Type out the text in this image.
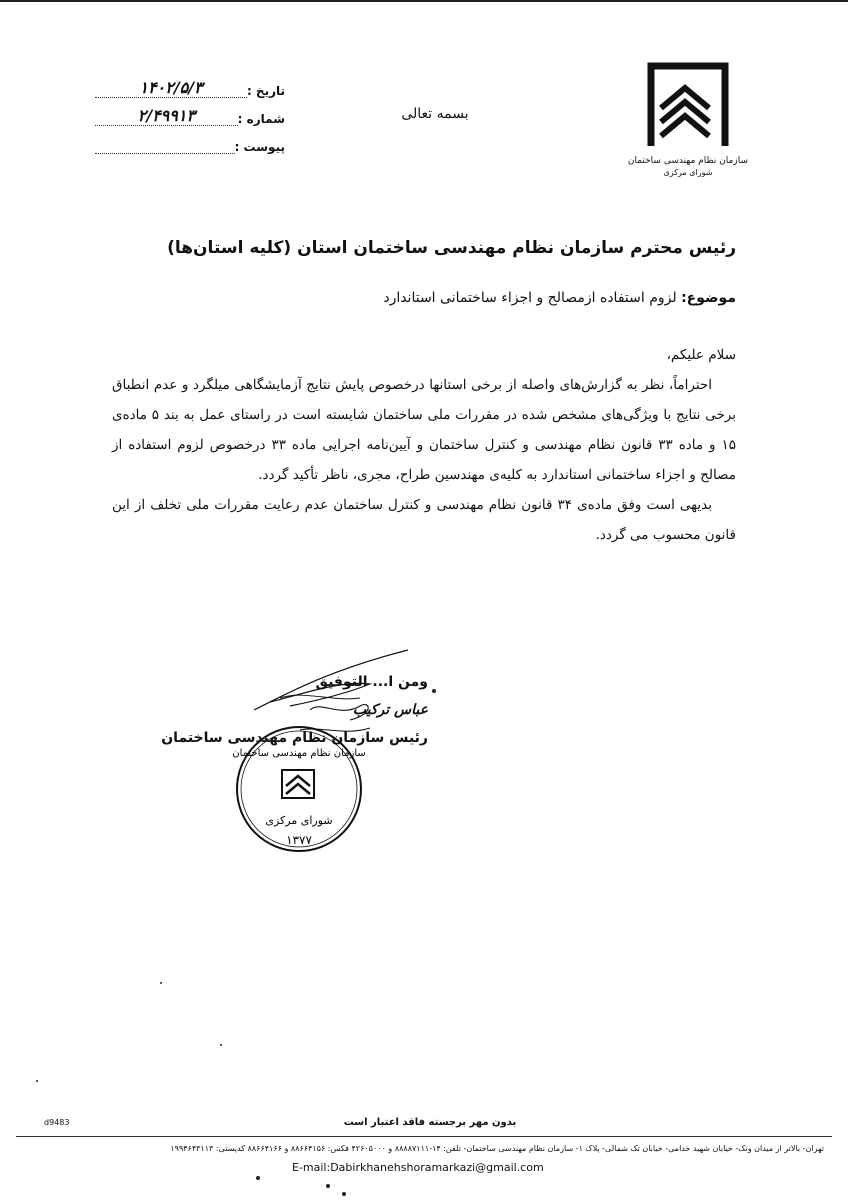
سازمان نظام مهندسی ساختمان
شورای مرکزی
بسمه تعالی
تاریخ :
۱۴۰۲/۵/۳
شماره :
۲/۴۹۹۱۳
پیوست :
رئیس محترم سازمان نظام مهندسی ساختمان استان (کلیه استان‌ها)
موضوع: لزوم استفاده ازمصالح و اجزاء ساختمانی استاندارد

سلام علیکم،

احتراماً، نظر به گزارش‌های واصله از برخی استانها درخصوص پایش نتایج آزمایشگاهی میلگرد و عدم انطباق برخی نتایج با ویژگی‌های مشخص شده در مقررات ملی ساختمان شایسته است در راستای عمل به بند ۵ ماده‌ی ۱۵ و ماده ۳۳ قانون نظام مهندسی و کنترل ساختمان و آیین‌نامه اجرایی ماده ۳۳ درخصوص لزوم استفاده از مصالح و اجزاء ساختمانی استاندارد به کلیه‌ی مهندسین طراح، مجری، ناظر تأکید گردد.

بدیهی است وفق ماده‌ی ۳۴ قانون نظام مهندسی و کنترل ساختمان عدم رعایت مقررات ملی تخلف از این قانون محسوب می گردد.

ومن ا... التوفیق
عباس ترکیب
رئیس سازمان نظام مهندسی ساختمان
سازمان نظام مهندسی ساختمان
شورای مرکزی
۱۳۷۷
d9483	بدون مهر برجسته فاقد اعتبار است
تهران- بالاتر از میدان ونک- خیابان شهید خدامی- خیابان تک شمالی- پلاک ۱- سازمان نظام مهندسی ساختمان- تلفن: ۱۴-۸۸۸۸۷۱۱۱ و ۴۲۶۰۵۰۰۰ فکس: ۸۸۶۶۴۱۵۶ و ۸۸۶۶۴۱۶۶ کدپستی: ۱۹۹۴۶۴۳۱۱۳
E-mail:Dabirkhanehshoramarkazi@gmail.com
